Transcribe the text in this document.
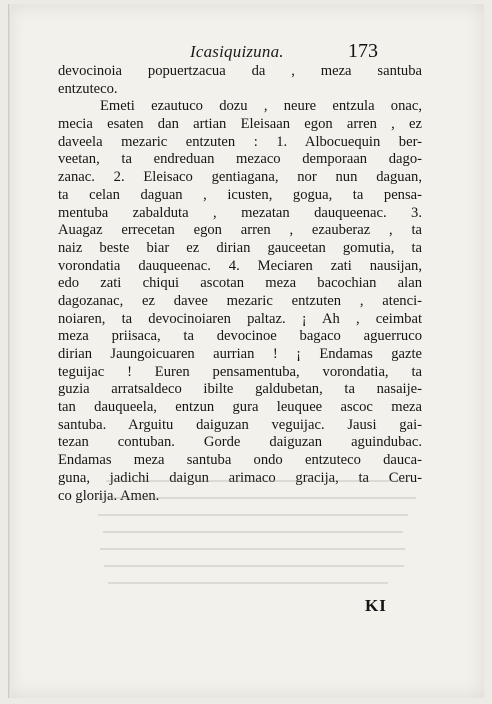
Icasiquizuna.	173
devocinoia popuertzacua da , meza santuba
entzuteco.
Emeti ezautuco dozu , neure entzula onac,
mecia esaten dan artian Eleisaan egon arren , ez
daveela mezaric entzuten : 1. Albocuequin ber-
veetan, ta endreduan mezaco demporaan dago-
zanac. 2. Eleisaco gentiagana, nor nun daguan,
ta celan daguan , icusten, gogua, ta pensa-
mentuba zabalduta , mezatan dauqueenac. 3.
Auagaz errecetan egon arren , ezauberaz , ta
naiz beste biar ez dirian gauceetan gomutia, ta
vorondatia dauqueenac. 4. Meciaren zati nausijan,
edo zati chiqui ascotan meza bacochian alan
dagozanac, ez davee mezaric entzuten , atenci-
noiaren, ta devocinoiaren paltaz. ¡ Ah , ceimbat
meza priisaca, ta devocinoe bagaco aguerruco
dirian Jaungoicuaren aurrian ! ¡ Endamas gazte
teguijac ! Euren pensamentuba, vorondatia, ta
guzia arratsaldeco ibilte galdubetan, ta nasaije-
tan dauqueela, entzun gura leuquee ascoc meza
santuba. Arguitu daiguzan veguijac. Jausi gai-
tezan contuban. Gorde daiguzan aguindubac.
Endamas meza santuba ondo entzuteco dauca-
guna, jadichi daigun arimaco gracija, ta Ceru-
co glorija. Amen.
KI
